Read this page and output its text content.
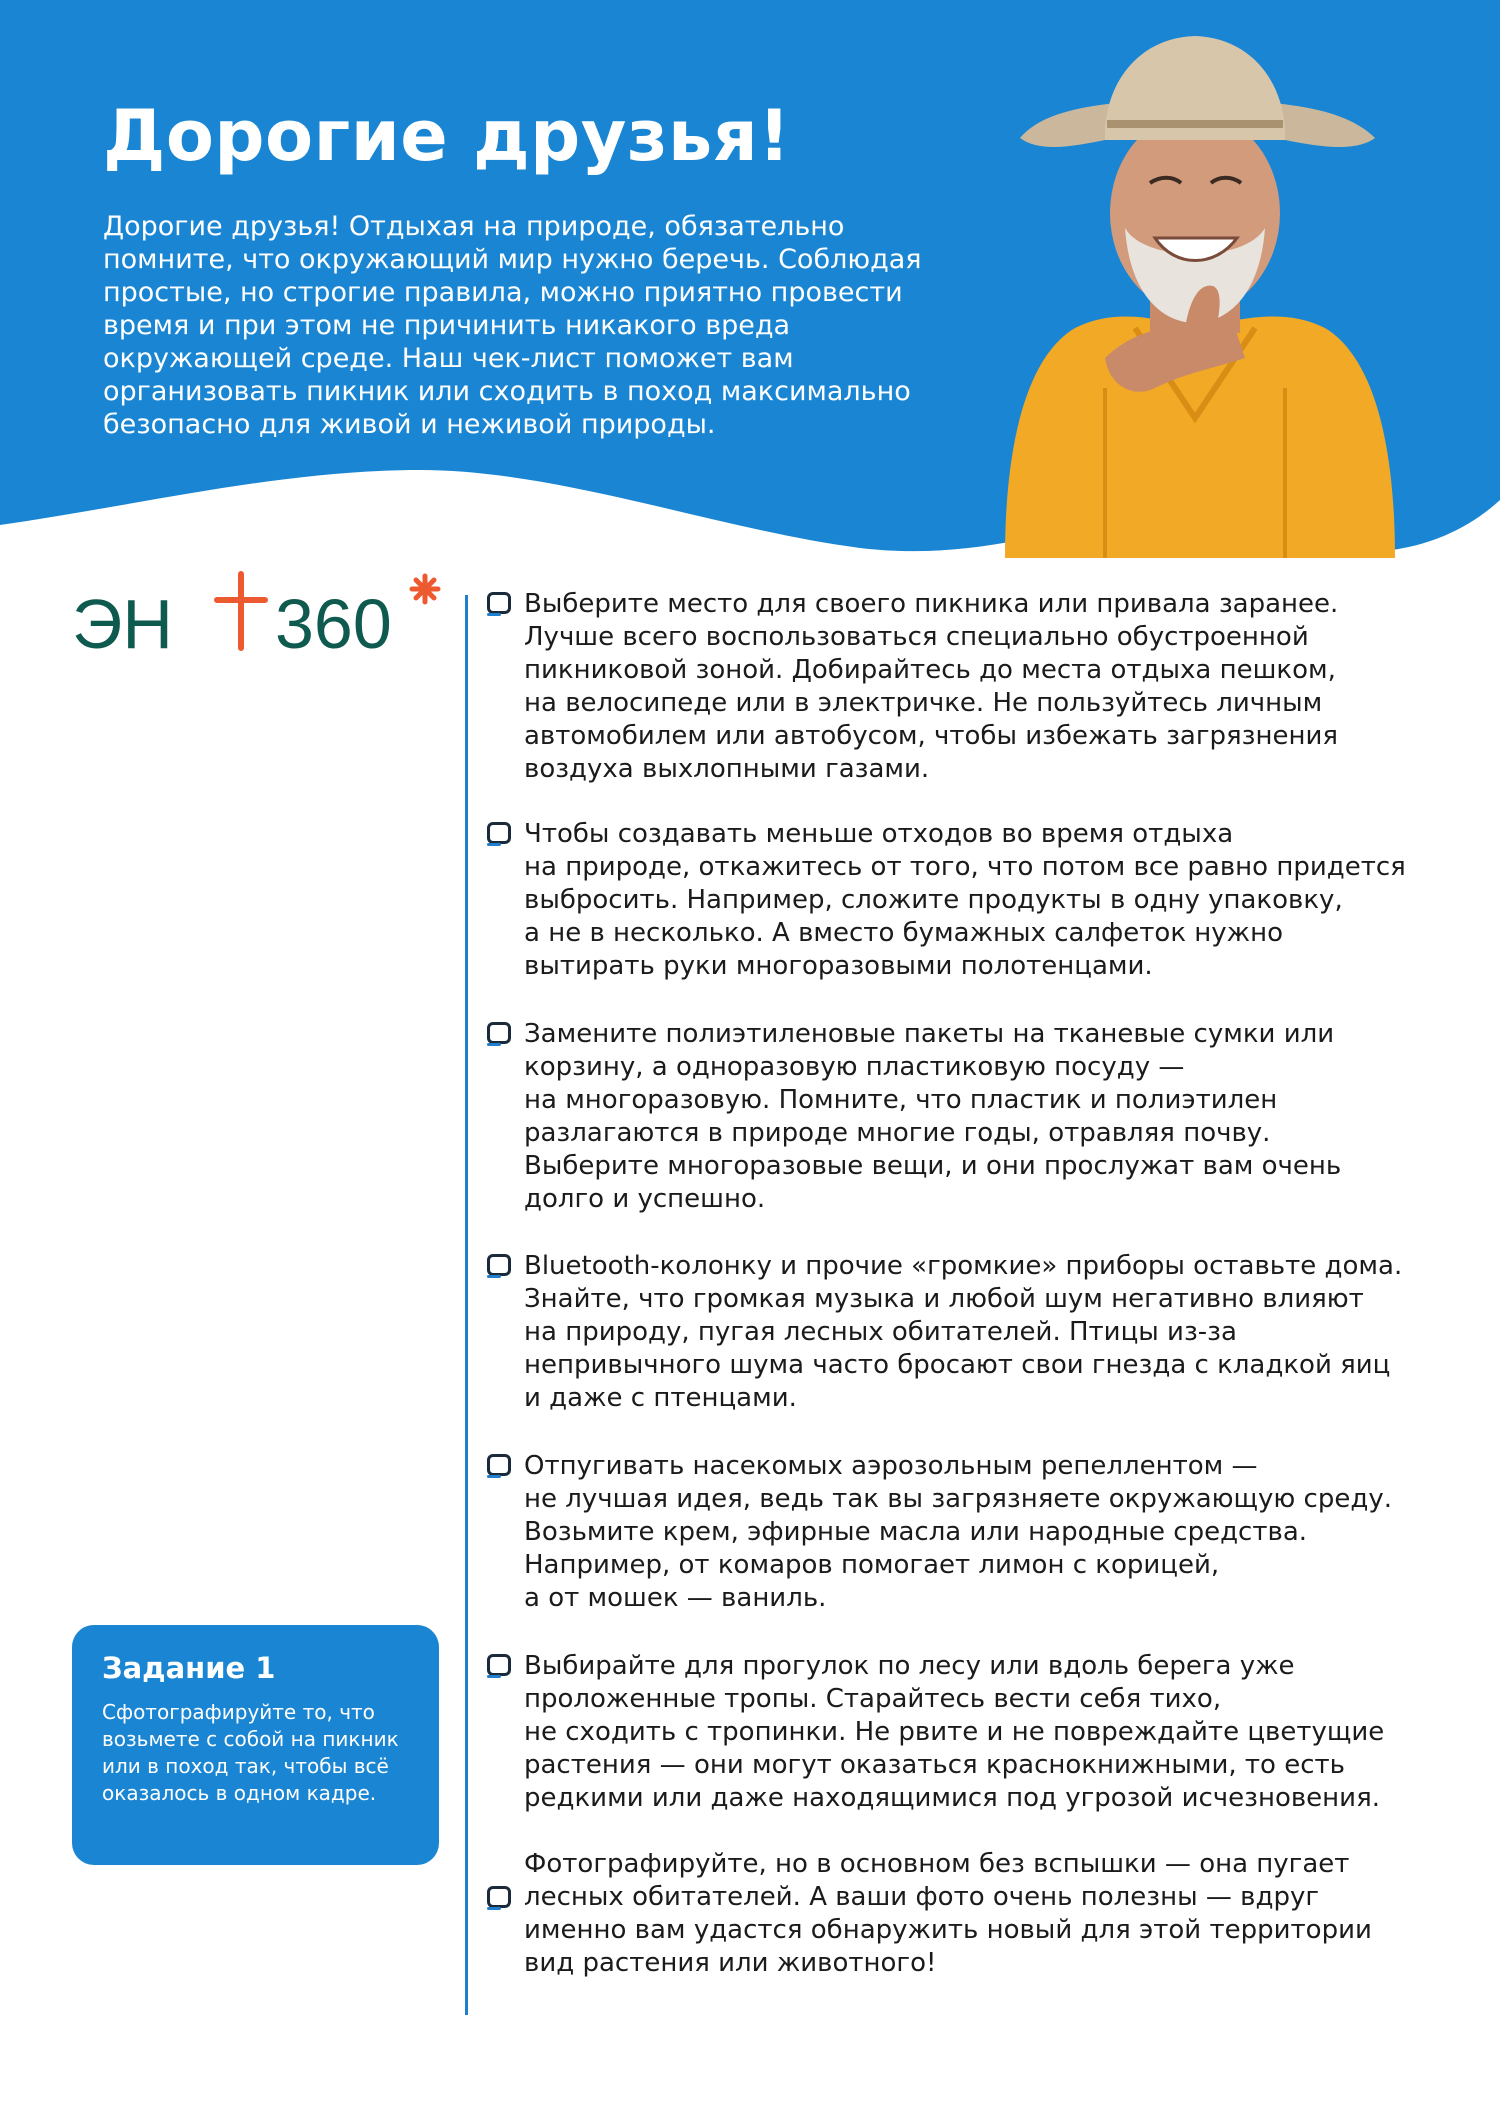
Дорогие друзья!
Дорогие друзья! Отдыхая на природе, обязательно помните, что окружающий мир нужно беречь. Соблюдая простые, но строгие правила, можно приятно провести время и при этом не причинить никакого вреда окружающей среде. Наш чек-лист поможет вам организовать пикник или сходить в поход максимально безопасно для живой и неживой природы.
ЭН 360
Задание 1
Сфотографируйте то, что возьмете с собой на пикник или в поход так, чтобы всё оказалось в одном кадре.
Выберите место для своего пикника или привала заранее.
Лучше всего воспользоваться специально обустроенной
пикниковой зоной. Добирайтесь до места отдыха пешком,
на велосипеде или в электричке. Не пользуйтесь личным
автомобилем или автобусом, чтобы избежать загрязнения
воздуха выхлопными газами.
Чтобы создавать меньше отходов во время отдыха
на природе, откажитесь от того, что потом все равно придется
выбросить. Например, сложите продукты в одну упаковку,
а не в несколько. А вместо бумажных салфеток нужно
вытирать руки многоразовыми полотенцами.
Замените полиэтиленовые пакеты на тканевые сумки или
корзину, а одноразовую пластиковую посуду —
на многоразовую. Помните, что пластик и полиэтилен
разлагаются в природе многие годы, отравляя почву.
Выберите многоразовые вещи, и они прослужат вам очень
долго и успешно.
Bluetooth-колонку и прочие «громкие» приборы оставьте дома.
Знайте, что громкая музыка и любой шум негативно влияют
на природу, пугая лесных обитателей. Птицы из-за
непривычного шума часто бросают свои гнезда с кладкой яиц
и даже с птенцами.
Отпугивать насекомых аэрозольным репеллентом —
не лучшая идея, ведь так вы загрязняете окружающую среду.
Возьмите крем, эфирные масла или народные средства.
Например, от комаров помогает лимон с корицей,
а от мошек — ваниль.
Выбирайте для прогулок по лесу или вдоль берега уже
проложенные тропы. Старайтесь вести себя тихо,
не сходить с тропинки. Не рвите и не повреждайте цветущие
растения — они могут оказаться краснокнижными, то есть
редкими или даже находящимися под угрозой исчезновения.
Фотографируйте, но в основном без вспышки — она пугает
лесных обитателей. А ваши фото очень полезны — вдруг
именно вам удастся обнаружить новый для этой территории
вид растения или животного!
